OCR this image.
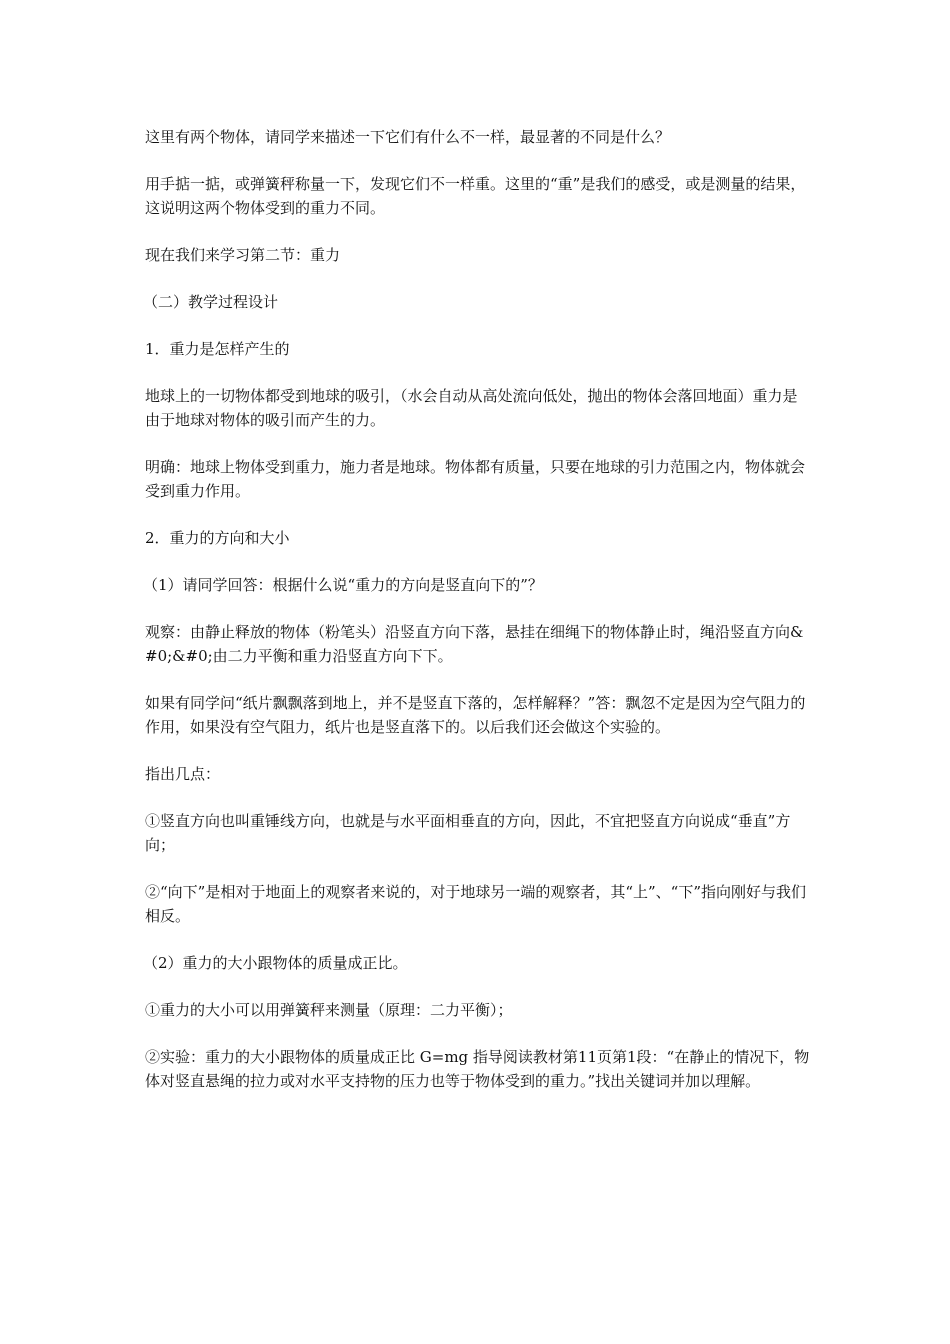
这里有两个物体，请同学来描述一下它们有什么不一样，最显著的不同是什么？

用手掂一掂，或弹簧秤称量一下，发现它们不一样重。这里的“重”是我们的感受，或是测量的结果，这说明这两个物体受到的重力不同。

现在我们来学习第二节：重力

（二）教学过程设计

1．重力是怎样产生的

地球上的一切物体都受到地球的吸引，（水会自动从高处流向低处，抛出的物体会落回地面）重力是由于地球对物体的吸引而产生的力。

明确：地球上物体受到重力，施力者是地球。物体都有质量，只要在地球的引力范围之内，物体就会受到重力作用。

2．重力的方向和大小

（1）请同学回答：根据什么说“重力的方向是竖直向下的”？

观察：由静止释放的物体（粉笔头）沿竖直方向下落，悬挂在细绳下的物体静止时，绳沿竖直方向&#0;&#0;由二力平衡和重力沿竖直方向下下。

如果有同学问“纸片飘飘落到地上，并不是竖直下落的，怎样解释？”答：飘忽不定是因为空气阻力的作用，如果没有空气阻力，纸片也是竖直落下的。以后我们还会做这个实验的。

指出几点：

①竖直方向也叫重锤线方向，也就是与水平面相垂直的方向，因此，不宜把竖直方向说成“垂直”方向；

②“向下”是相对于地面上的观察者来说的，对于地球另一端的观察者，其“上”、“下”指向刚好与我们相反。

（2）重力的大小跟物体的质量成正比。

①重力的大小可以用弹簧秤来测量（原理：二力平衡）；

②实验：重力的大小跟物体的质量成正比 G=mg 指导阅读教材第11页第1段：“在静止的情况下，物体对竖直悬绳的拉力或对水平支持物的压力也等于物体受到的重力。”找出关键词并加以理解。
